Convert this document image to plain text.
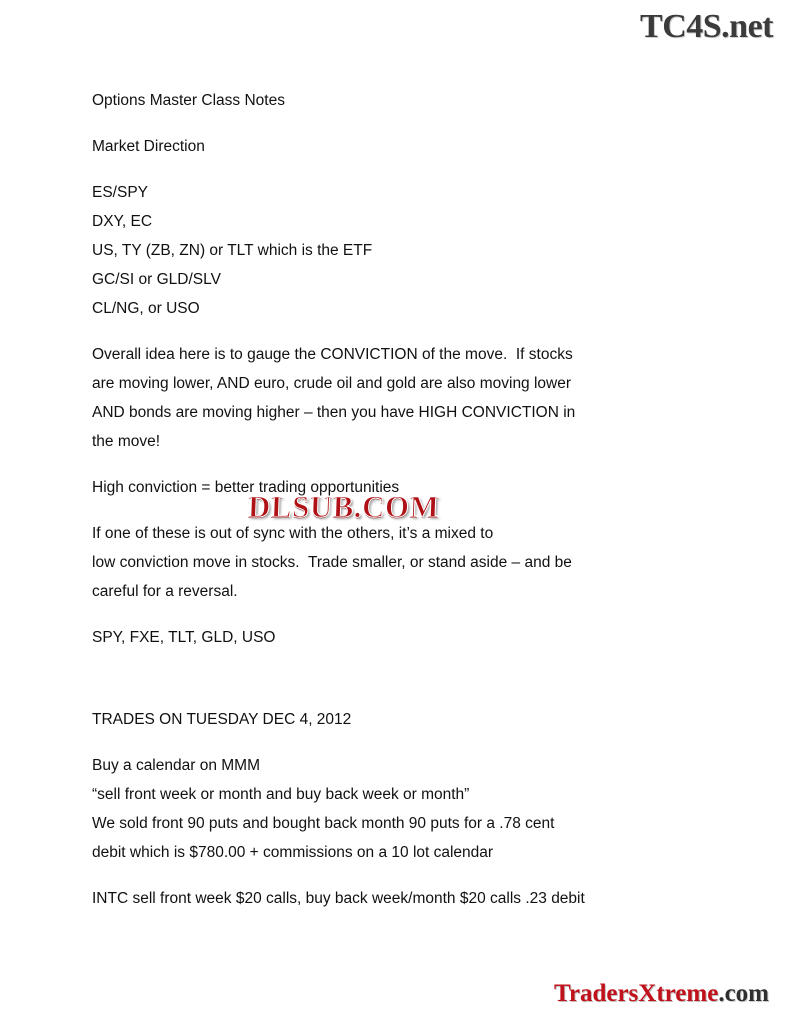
TC4S.net

Options Master Class Notes

Market Direction

ES/SPY
DXY, EC
US, TY (ZB, ZN) or TLT which is the ETF
GC/SI or GLD/SLV
CL/NG, or USO

Overall idea here is to gauge the CONVICTION of the move.  If stocks
are moving lower, AND euro, crude oil and gold are also moving lower
AND bonds are moving higher – then you have HIGH CONVICTION in
the move!

High conviction = better trading opportunities

If one of these is out of sync with the others, it’s a mixed to
low conviction move in stocks.  Trade smaller, or stand aside – and be
careful for a reversal.

SPY, FXE, TLT, GLD, USO

TRADES ON TUESDAY DEC 4, 2012

Buy a calendar on MMM
“sell front week or month and buy back week or month”
We sold front 90 puts and bought back month 90 puts for a .78 cent
debit which is $780.00 + commissions on a 10 lot calendar

INTC sell front week $20 calls, buy back week/month $20 calls .23 debit

DLSUB.COM
TradersXtreme.com
